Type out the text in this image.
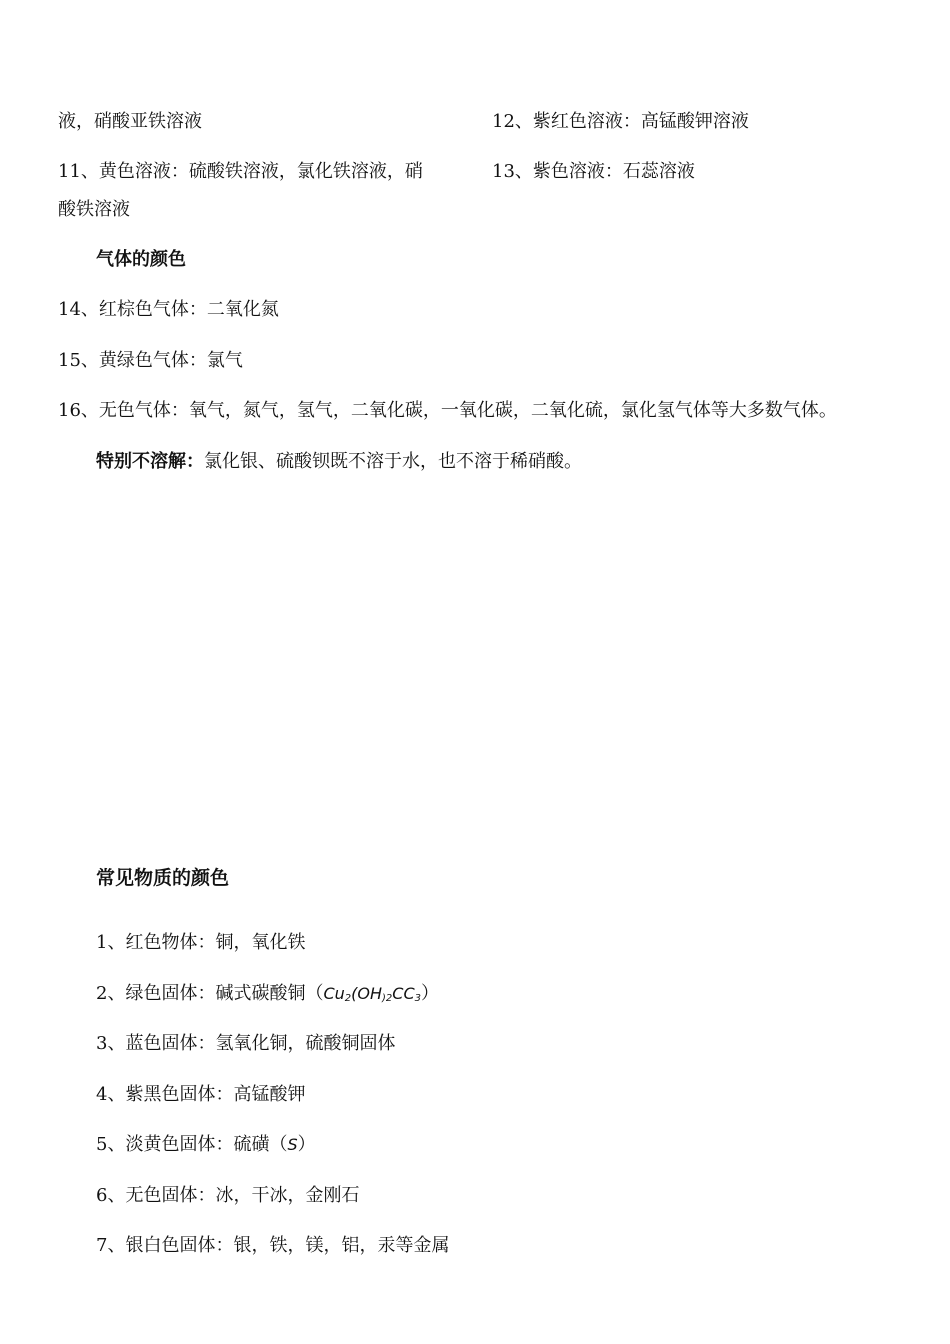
液，硝酸亚铁溶液	12、紫红色溶液：高锰酸钾溶液
11、黄色溶液：硫酸铁溶液，氯化铁溶液，硝	13、紫色溶液：石蕊溶液
酸铁溶液
气体的颜色
14、红棕色气体：二氧化氮
15、黄绿色气体：氯气
16、无色气体：氧气，氮气，氢气，二氧化碳，一氧化碳，二氧化硫，氯化氢气体等大多数气体。
特别不溶解：氯化银、硫酸钡既不溶于水，也不溶于稀硝酸。
常见物质的颜色
1、红色物体：铜，氧化铁
2、绿色固体：碱式碳酸铜（$Cu_2(OH_{)2}CC_3)$
3、蓝色固体：氢氧化铜，硫酸铜固体
4、紫黑色固体：高锰酸钾
5、淡黄色固体：硫磺（S）
6、无色固体：冰，干冰，金刚石
7、银白色固体：银，铁，镁，铝，汞等金属
